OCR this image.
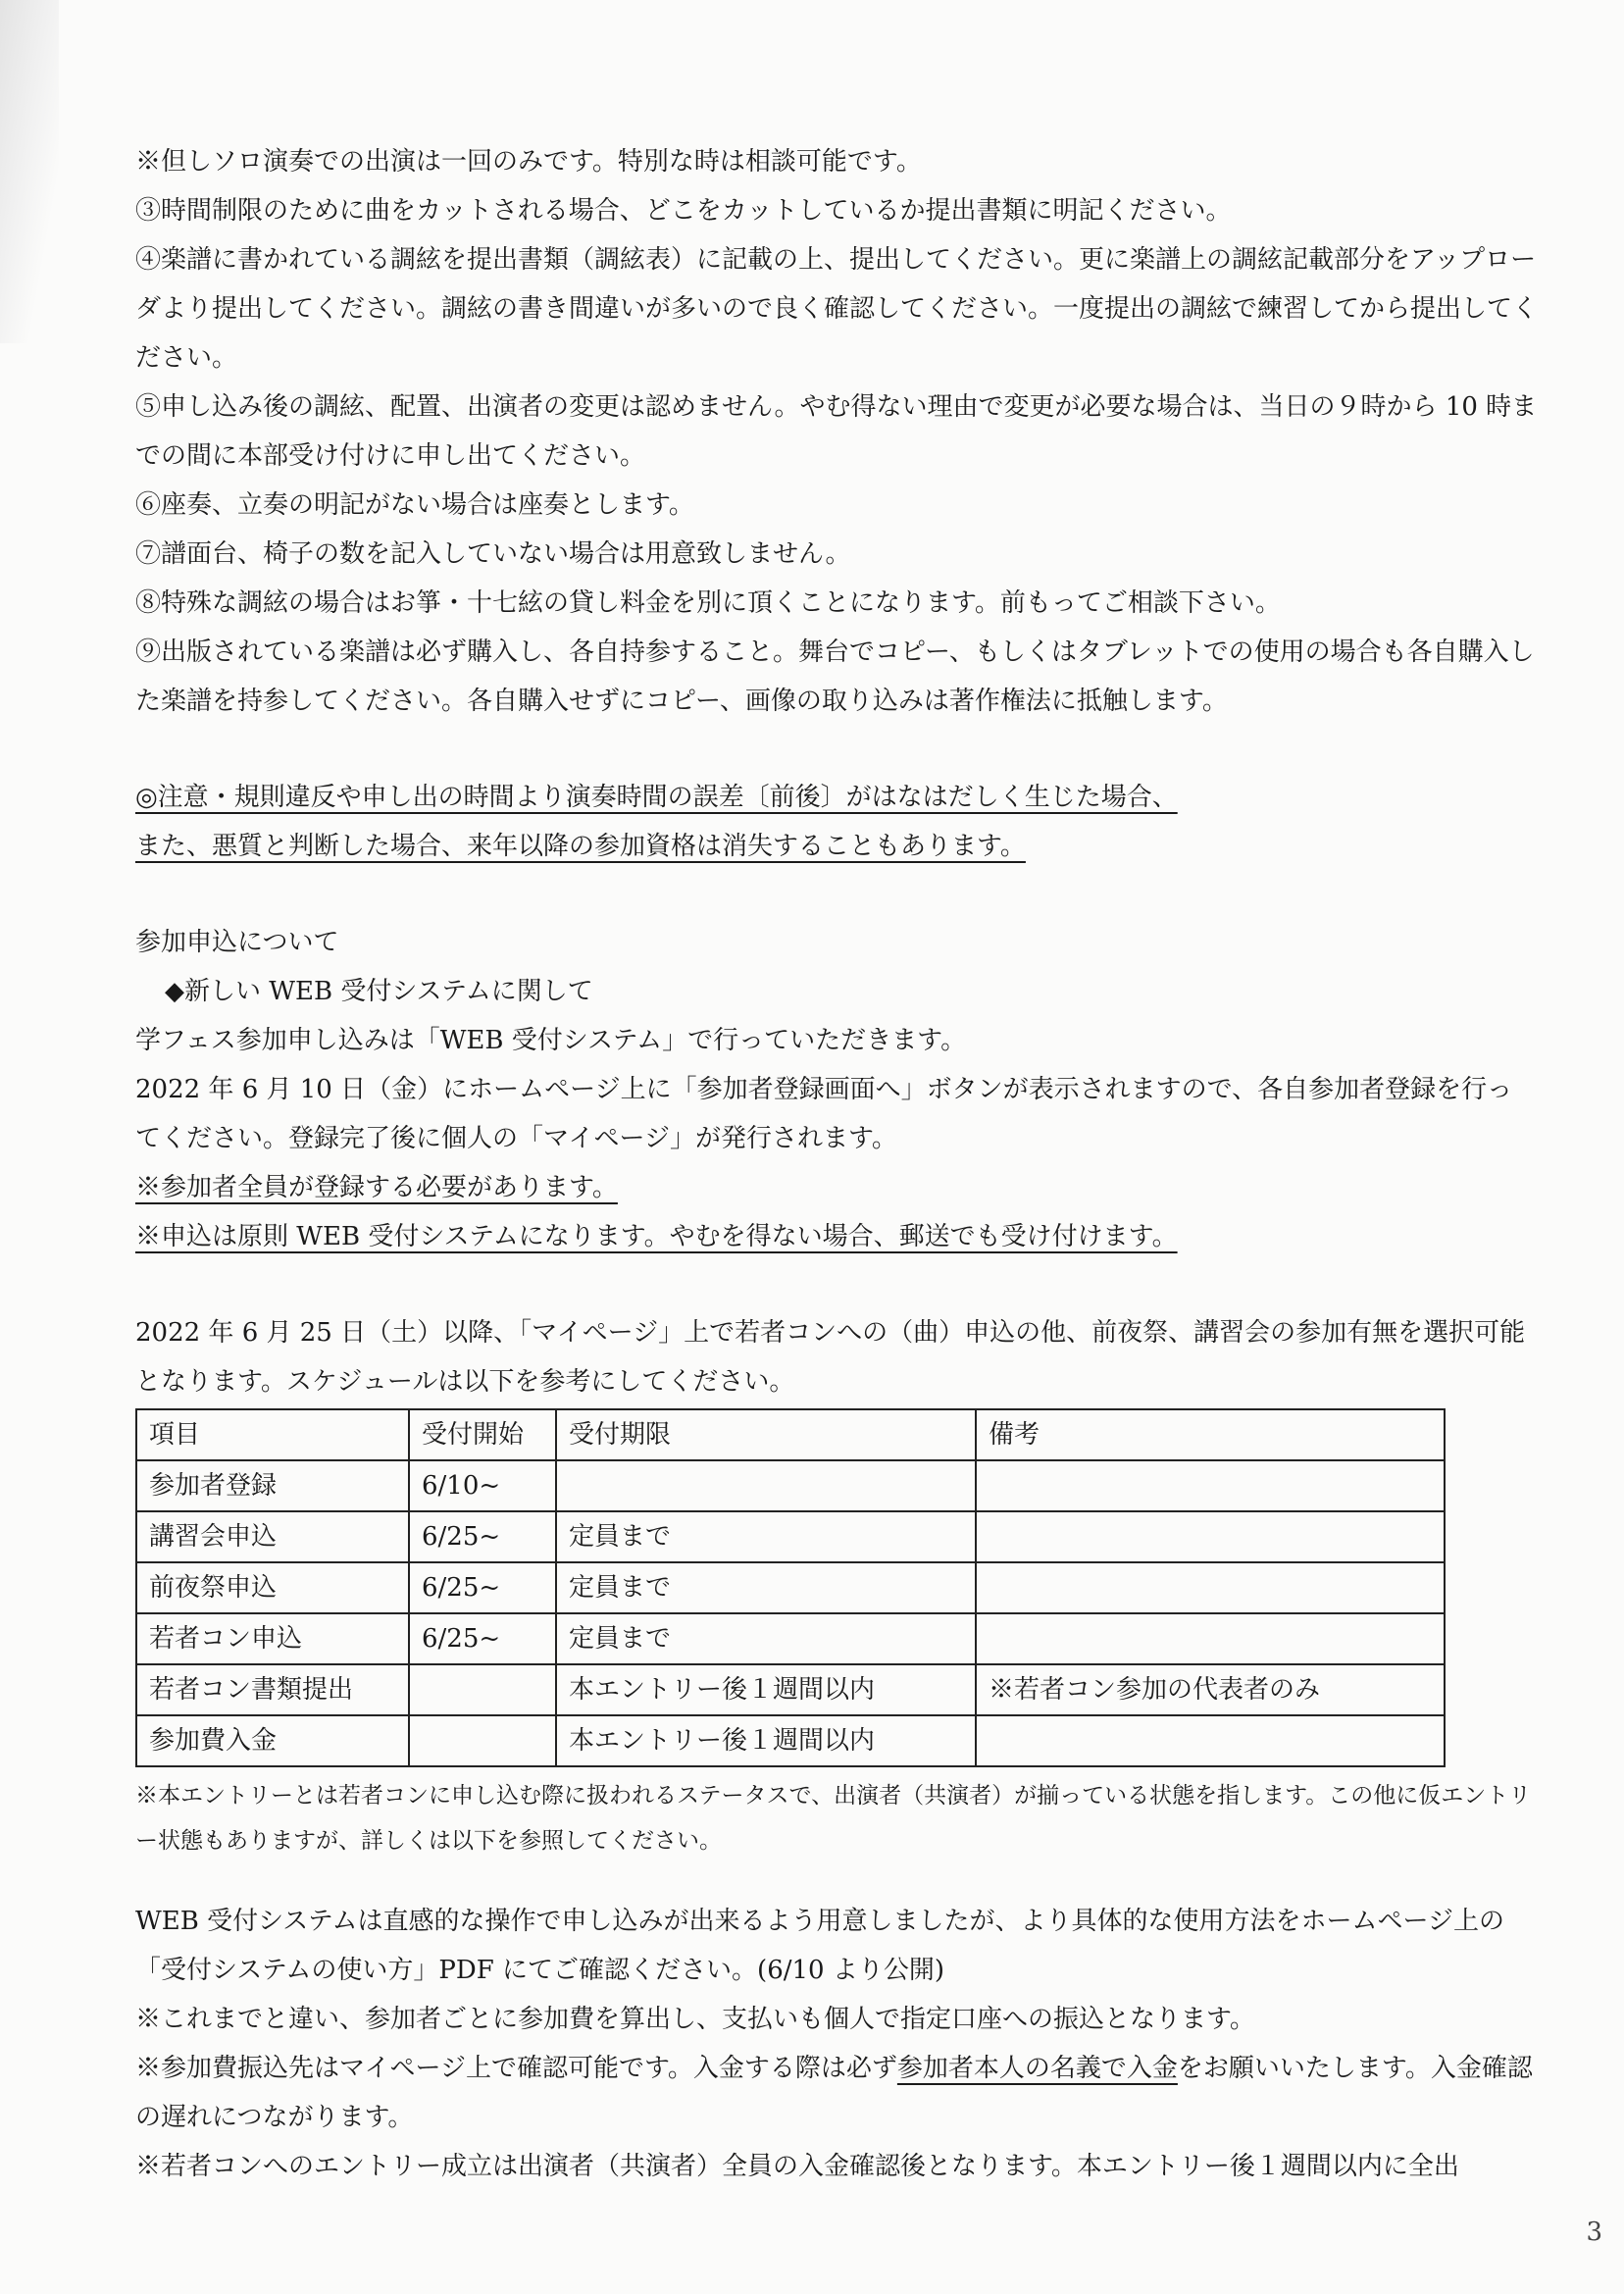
※但しソロ演奏での出演は一回のみです。特別な時は相談可能です。

③時間制限のために曲をカットされる場合、どこをカットしているか提出書類に明記ください。

④楽譜に書かれている調絃を提出書類（調絃表）に記載の上、提出してください。更に楽譜上の調絃記載部分をアップローダより提出してください。調絃の書き間違いが多いので良く確認してください。一度提出の調絃で練習してから提出してください。

⑤申し込み後の調絃、配置、出演者の変更は認めません。やむ得ない理由で変更が必要な場合は、当日の９時から 10 時までの間に本部受け付けに申し出てください。

⑥座奏、立奏の明記がない場合は座奏とします。

⑦譜面台、椅子の数を記入していない場合は用意致しません。

⑧特殊な調絃の場合はお箏・十七絃の貸し料金を別に頂くことになります。前もってご相談下さい。

⑨出版されている楽譜は必ず購入し、各自持参すること。舞台でコピー、もしくはタブレットでの使用の場合も各自購入した楽譜を持参してください。各自購入せずにコピー、画像の取り込みは著作権法に抵触します。

◎注意・規則違反や申し出の時間より演奏時間の誤差〔前後〕がはなはだしく生じた場合、

また、悪質と判断した場合、来年以降の参加資格は消失することもあります。

参加申込について

◆新しい WEB 受付システムに関して

学フェス参加申し込みは「WEB 受付システム」で行っていただきます。

2022 年 6 月 10 日（金）にホームページ上に「参加者登録画面へ」ボタンが表示されますので、各自参加者登録を行ってください。登録完了後に個人の「マイページ」が発行されます。

※参加者全員が登録する必要があります。

※申込は原則 WEB 受付システムになります。やむを得ない場合、郵送でも受け付けます。

2022 年 6 月 25 日（土）以降、「マイページ」上で若者コンへの（曲）申込の他、前夜祭、講習会の参加有無を選択可能となります。スケジュールは以下を参考にしてください。

項目	受付開始	受付期限	備考
参加者登録	6/10~		
講習会申込	6/25~	定員まで	
前夜祭申込	6/25~	定員まで	
若者コン申込	6/25~	定員まで	
若者コン書類提出		本エントリー後１週間以内	※若者コン参加の代表者のみ
参加費入金		本エントリー後１週間以内	

※本エントリーとは若者コンに申し込む際に扱われるステータスで、出演者（共演者）が揃っている状態を指します。この他に仮エントリー状態もありますが、詳しくは以下を参照してください。

WEB 受付システムは直感的な操作で申し込みが出来るよう用意しましたが、より具体的な使用方法をホームページ上の「受付システムの使い方」PDF にてご確認ください。(6/10 より公開)

※これまでと違い、参加者ごとに参加費を算出し、支払いも個人で指定口座への振込となります。

※参加費振込先はマイページ上で確認可能です。入金する際は必ず参加者本人の名義で入金をお願いいたします。入金確認の遅れにつながります。

※若者コンへのエントリー成立は出演者（共演者）全員の入金確認後となります。本エントリー後１週間以内に全出

3
